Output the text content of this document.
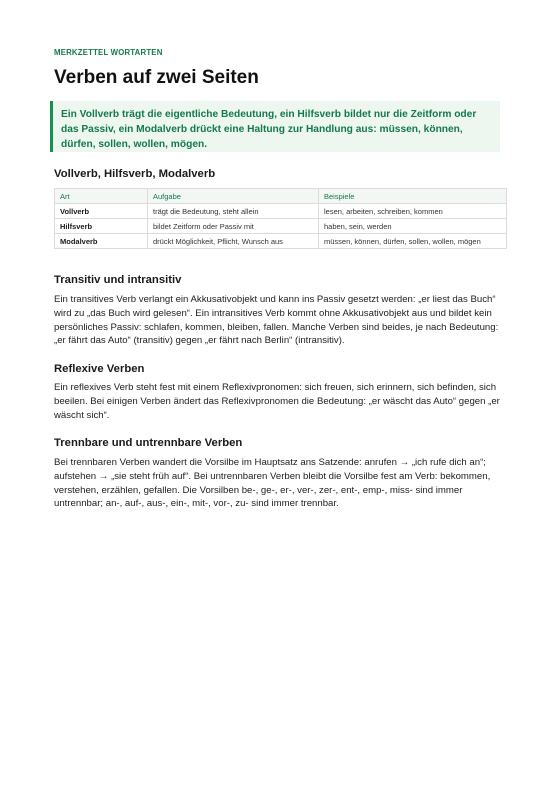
MERKZETTEL WORTARTEN
Verben auf zwei Seiten
Ein Vollverb trägt die eigentliche Bedeutung, ein Hilfsverb bildet nur die Zeitform oder das Passiv, ein Modalverb drückt eine Haltung zur Handlung aus: müssen, können, dürfen, sollen, wollen, mögen.
Vollverb, Hilfsverb, Modalverb
Art	Aufgabe	Beispiele
Vollverb	trägt die Bedeutung, steht allein	lesen, arbeiten, schreiben, kommen
Hilfsverb	bildet Zeitform oder Passiv mit	haben, sein, werden
Modalverb	drückt Möglichkeit, Pflicht, Wunsch aus	müssen, können, dürfen, sollen, wollen, mögen
Transitiv und intransitiv

Ein transitives Verb verlangt ein Akkusativobjekt und kann ins Passiv gesetzt werden: „er liest das Buch“ wird zu „das Buch wird gelesen“. Ein intransitives Verb kommt ohne Akkusativobjekt aus und bildet kein persönliches Passiv: schlafen, kommen, bleiben, fallen. Manche Verben sind beides, je nach Bedeutung: „er fährt das Auto“ (transitiv) gegen „er fährt nach Berlin“ (intransitiv).

Reflexive Verben

Ein reflexives Verb steht fest mit einem Reflexivpronomen: sich freuen, sich erinnern, sich befinden, sich beeilen. Bei einigen Verben ändert das Reflexivpronomen die Bedeutung: „er wäscht das Auto“ gegen „er wäscht sich“.

Trennbare und untrennbare Verben

Bei trennbaren Verben wandert die Vorsilbe im Hauptsatz ans Satzende: anrufen → „ich rufe dich an“; aufstehen → „sie steht früh auf“. Bei untrennbaren Verben bleibt die Vorsilbe fest am Verb: bekommen, verstehen, erzählen, gefallen. Die Vorsilben be-, ge-, er-, ver-, zer-, ent-, emp-, miss- sind immer untrennbar; an-, auf-, aus-, ein-, mit-, vor-, zu- sind immer trennbar.
